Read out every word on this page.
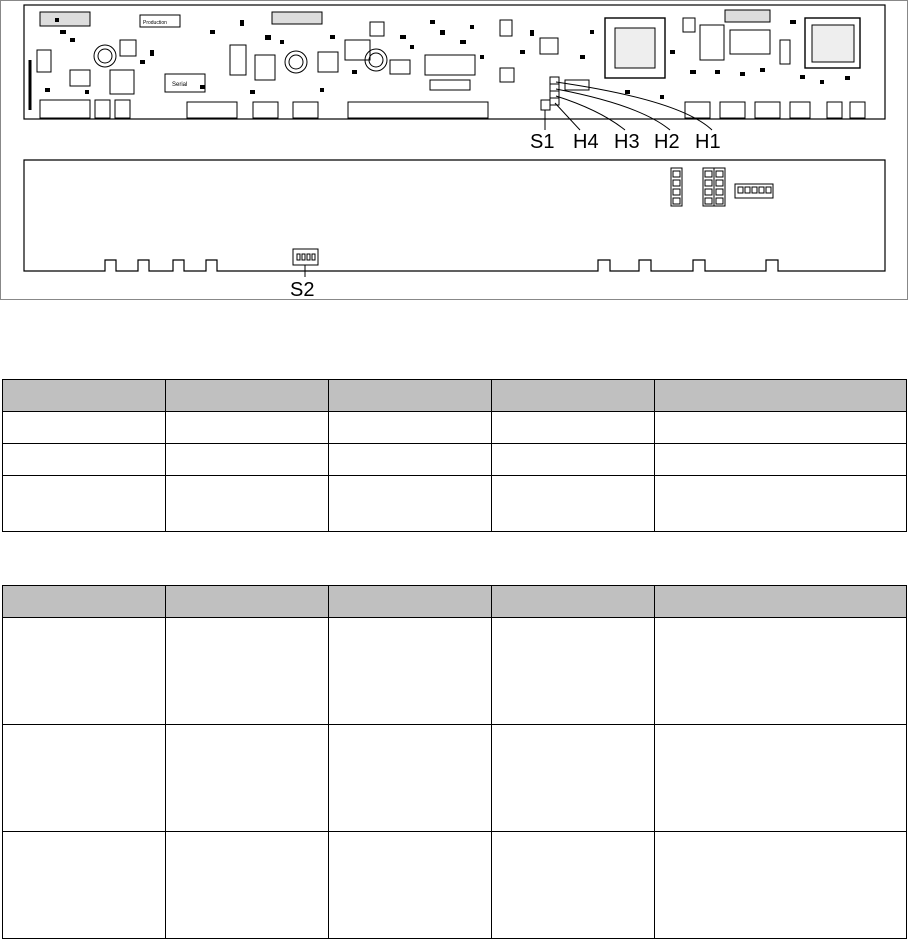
Production
Serial
S1 H4 H3 H2 H1
S2
